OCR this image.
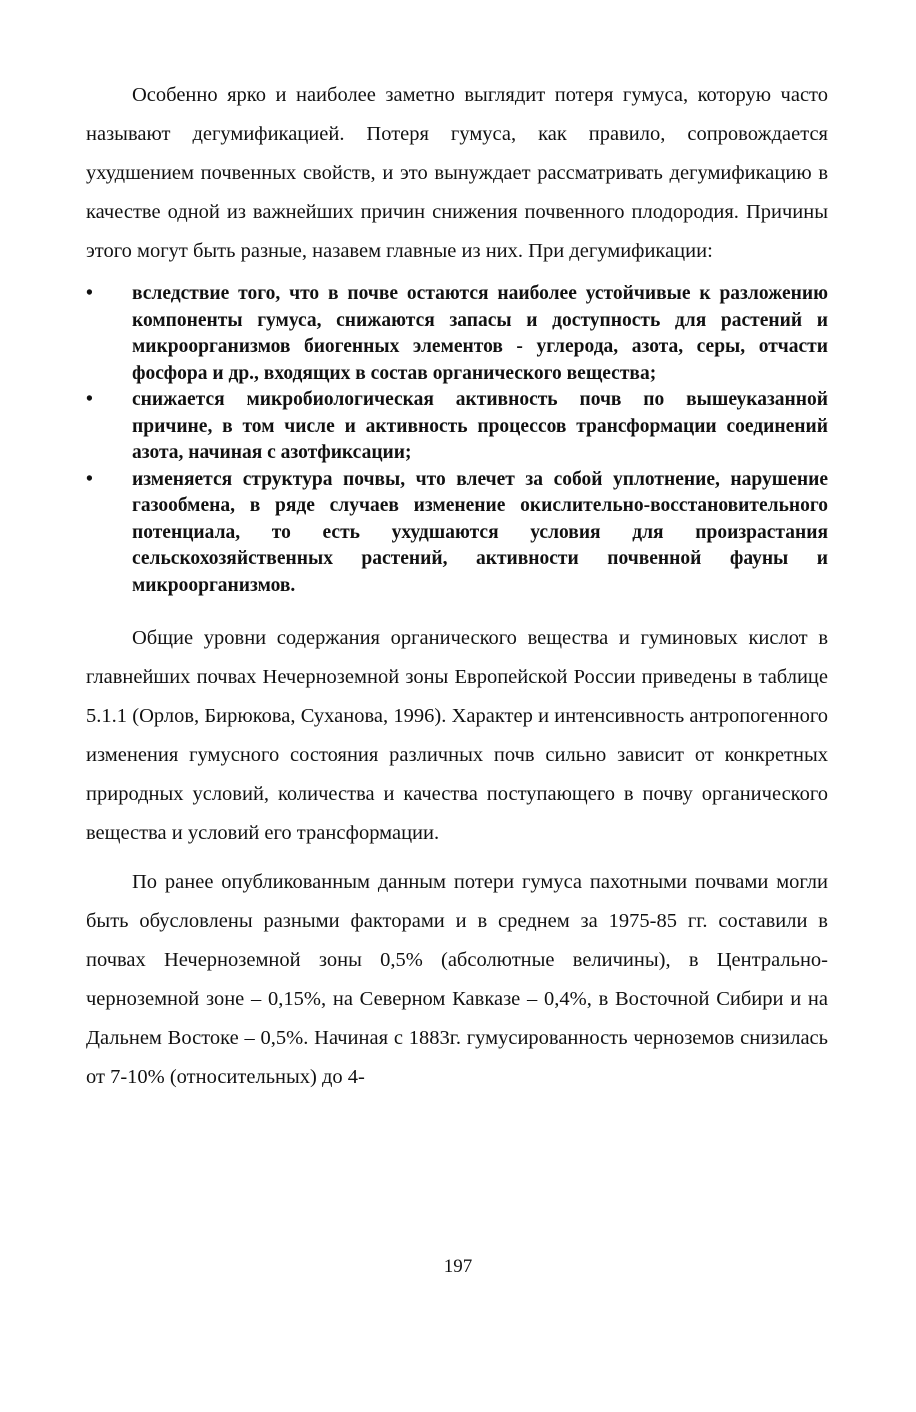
Особенно ярко и наиболее заметно выглядит потеря гумуса, которую часто называют дегумификацией. Потеря гумуса, как правило, сопровождается ухудшением почвенных свойств, и это вынуждает рассматривать дегумификацию в качестве одной из важнейших причин снижения почвенного плодородия. Причины этого могут быть разные, назавем главные из них. При дегумификации:

•	вследствие того, что в почве остаются наиболее устойчивые к разложению компоненты гумуса, снижаются запасы и доступность для растений и микроорганизмов биогенных элементов - углерода, азота, серы, отчасти фосфора и др., входящих в состав органического вещества;
•	снижается микробиологическая активность почв по вышеуказанной причине, в том числе и активность процессов трансформации соединений азота, начиная с азотфиксации;
•	изменяется структура почвы, что влечет за собой уплотнение, нарушение газообмена, в ряде случаев изменение окислительно-восстановительного потенциала, то есть ухудшаются условия для произрастания сельскохозяйственных растений, активности почвенной фауны и микроорганизмов.

Общие уровни содержания органического вещества и гуминовых кислот в главнейших почвах Нечерноземной зоны Европейской России приведены в таблице 5.1.1 (Орлов, Бирюкова, Суханова, 1996). Характер и интенсивность антропогенного изменения гумусного состояния различных почв сильно зависит от конкретных природных условий, количества и качества поступающего в почву органического вещества и условий его трансформации.

По ранее опубликованным данным потери гумуса пахотными почвами могли быть обусловлены разными факторами и в среднем за 1975-85 гг. составили в почвах Нечерноземной зоны 0,5% (абсолютные величины), в Центрально-черноземной зоне – 0,15%, на Северном Кавказе – 0,4%, в Восточной Сибири и на Дальнем Востоке – 0,5%. Начиная с 1883г. гумусированность черноземов снизилась от 7-10% (относительных) до 4-

197
